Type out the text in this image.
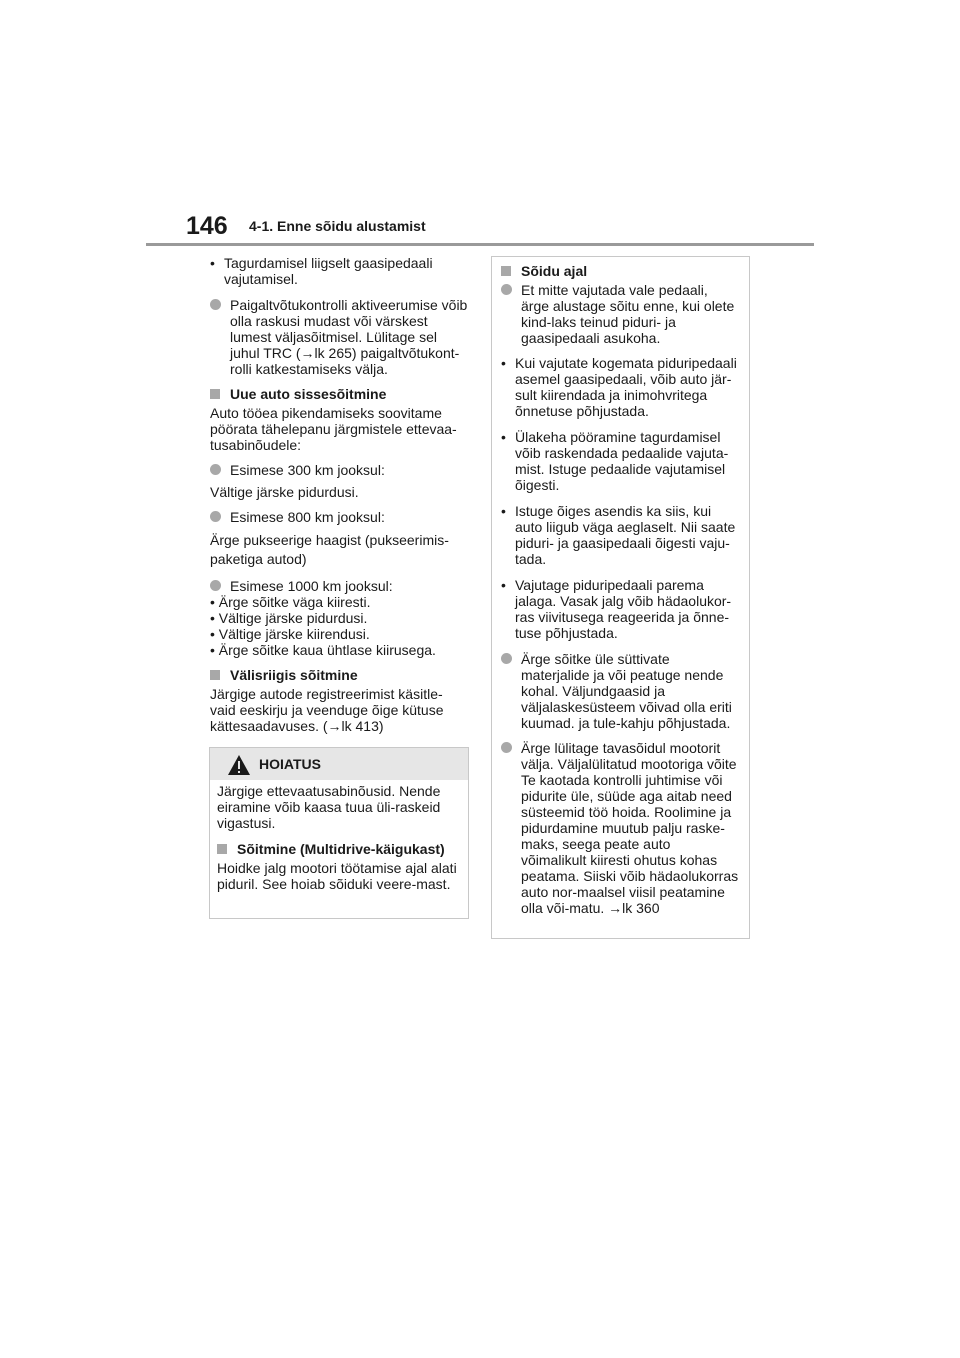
146 4-1. Enne sõidu alustamist
• Tagurdamisel liigselt gaasipedaali vajutamisel.
Paigaltvõtukontrolli aktiveerumise võib olla raskusi mudast või värskest lumest väljasõitmisel. Lülitage sel juhul TRC (→lk 265) paigaltvõtukont-rolli katkestamiseks välja.
Uue auto sissesõitmine
Auto tööea pikendamiseks soovitame pöörata tähelepanu järgmistele ettevaa-tusabinõudele:
Esimese 300 km jooksul:
Vältige järske pidurdusi.
Esimese 800 km jooksul:
Ärge pukseerige haagist (pukseerimis-paketiga autod)
Esimese 1000 km jooksul:
• Ärge sõitke väga kiiresti.
• Vältige järske pidurdusi.
• Vältige järske kiirendusi.
• Ärge sõitke kaua ühtlase kiirusega.
Välisriigis sõitmine
Järgige autode registreerimist käsitle-vaid eeskirju ja veenduge õige kütuse kättesaadavuses. (→lk 413)
HOIATUS
Järgige ettevaatusabinõusid. Nende eiramine võib kaasa tuua üli-raskeid vigastusi.
Sõitmine (Multidrive-käigukast)
Hoidke jalg mootori töötamise ajal alati piduril. See hoiab sõiduki veere-mast.
Sõidu ajal
Et mitte vajutada vale pedaali, ärge alustage sõitu enne, kui olete kind-laks teinud piduri- ja gaasipedaali asukoha.
• Kui vajutate kogemata piduripedaali asemel gaasipedaali, võib auto jär-sult kiirendada ja inimohvritega õnnetuse põhjustada.
• Ülakeha pööramine tagurdamisel võib raskendada pedaalide vajuta-mist. Istuge pedaalide vajutamisel õigesti.
• Istuge õiges asendis ka siis, kui auto liigub väga aeglaselt. Nii saate piduri- ja gaasipedaali õigesti vaju-tada.
• Vajutage piduripedaali parema jalaga. Vasak jalg võib hädaolukor-ras viivitusega reageerida ja õnne-tuse põhjustada.
Ärge sõitke üle süttivate materjalide ja või peatuge nende kohal. Väljundgaasid ja väljalaskesüsteem võivad olla eriti kuumad. ja tule-kahju põhjustada.
Ärge lülitage tavasõidul mootorit välja. Väljalülitatud mootoriga võite Te kaotada kontrolli juhtimise või pidurite üle, süüde aga aitab need süsteemid töö hoida. Roolimine ja pidurdamine muutub palju raske-maks, seega peate auto võimalikult kiiresti ohutus kohas peatama. Siiski võib hädaolukorras auto nor-maalsel viisil peatamine olla või-matu. →lk 360
